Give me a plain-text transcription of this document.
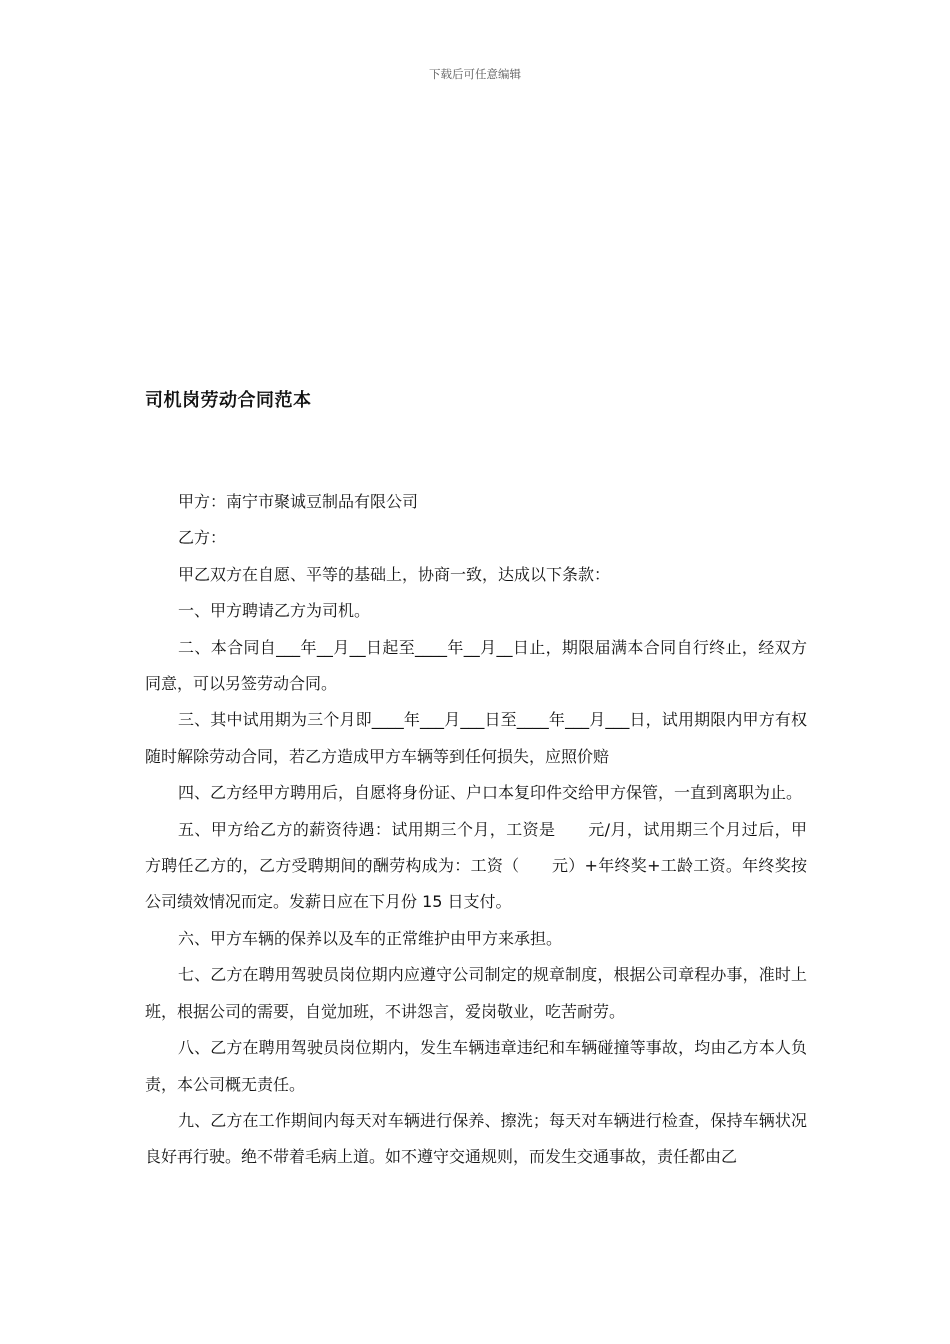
下载后可任意编辑
司机岗劳动合同范本

甲方：南宁市聚诚豆制品有限公司

乙方：

甲乙双方在自愿、平等的基础上，协商一致，达成以下条款：

一、甲方聘请乙方为司机。

二、本合同自___年__月__日起至____年__月__日止，期限届满本合同自行终止，经双方同意，可以另签劳动合同。

三、其中试用期为三个月即____年___月___日至____年___月___日，试用期限内甲方有权随时解除劳动合同，若乙方造成甲方车辆等到任何损失，应照价赔

四、乙方经甲方聘用后，自愿将身份证、户口本复印件交给甲方保管，一直到离职为止。

五、甲方给乙方的薪资待遇：试用期三个月，工资是　　元/月，试用期三个月过后，甲方聘任乙方的，乙方受聘期间的酬劳构成为：工资（　　元）+年终奖+工龄工资。年终奖按公司绩效情况而定。发薪日应在下月份 15 日支付。

六、甲方车辆的保养以及车的正常维护由甲方来承担。

七、乙方在聘用驾驶员岗位期内应遵守公司制定的规章制度，根据公司章程办事，准时上班，根据公司的需要，自觉加班，不讲怨言，爱岗敬业，吃苦耐劳。

八、乙方在聘用驾驶员岗位期内，发生车辆违章违纪和车辆碰撞等事故，均由乙方本人负责，本公司概无责任。

九、乙方在工作期间内每天对车辆进行保养、擦洗；每天对车辆进行检查，保持车辆状况良好再行驶。绝不带着毛病上道。如不遵守交通规则，而发生交通事故，责任都由乙
